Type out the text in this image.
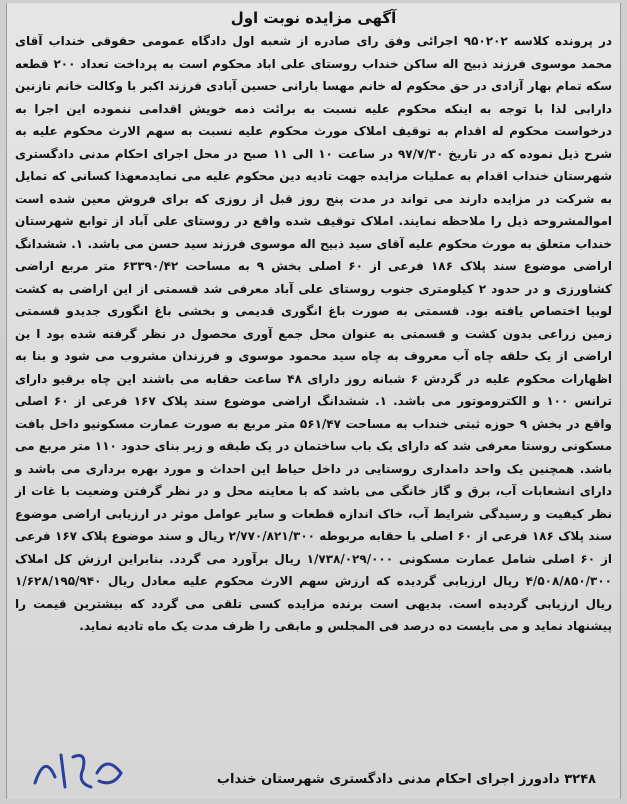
آگهی مزایده نوبت اول

در پرونده کلاسه ۹۵۰۲۰۲ اجرائی وفق رای صادره از شعبه اول دادگاه عمومی حقوقی خنداب آقای محمد موسوی فرزند ذبیح اله ساکن خنداب روستای علی اباد محکوم است به پرداخت تعداد ۲۰۰ قطعه سکه تمام بهار آزادی در حق محکوم له خانم مهسا بارانی حسین آبادی فرزند اکبر با وکالت خانم نازنین دارابی لذا با توجه به اینکه محکوم علیه نسبت به برائت ذمه خویش اقدامی ننموده این اجرا به درخواست محکوم له اقدام به توقیف املاک مورث محکوم علیه نسبت به سهم الارث محکوم علیه به شرح ذیل نموده که در تاریخ ۹۷/۷/۳۰ در ساعت ۱۰ الی ۱۱ صبح در محل اجرای احکام مدنی دادگستری شهرستان خنداب اقدام به عملیات مزایده جهت تادیه دین محکوم علیه می نمایدمعهذا کسانی که تمایل به شرکت در مزایده دارند می تواند در مدت پنج روز قبل از روزی که برای فروش معین شده است اموالمشروحه ذیل را ملاحظه نمایند. املاک توقیف شده واقع در روستای علی آباد از توابع شهرستان خنداب متعلق به مورث محکوم علیه آقای سید ذبیح اله موسوی فرزند سید حسن می باشد. ۱. ششدانگ اراضی موضوع سند پلاک ۱۸۶ فرعی از ۶۰ اصلی بخش ۹ به مساحت ۶۳۳۹۰/۴۲ متر مربع اراضی کشاورزی و در حدود ۲ کیلومتری جنوب روستای علی آباد معرفی شد قسمتی از این اراضی به کشت لوبیا اختصاص یافته بود. قسمتی به صورت باغ انگوری قدیمی و بخشی باغ انگوری جدیدو قسمتی زمین زراعی بدون کشت و قسمتی به عنوان محل جمع آوری محصول در نظر گرفته شده بود ا ین اراضی از یک حلقه چاه آب معروف به چاه سید محمود موسوی و فرزندان مشروب می شود و بنا به اظهارات محکوم علیه در گردش ۶ شبانه روز دارای ۴۸ ساعت حقابه می باشند این چاه برقیو دارای ترانس ۱۰۰ و الکتروموتور می باشد. ۱. ششدانگ اراضی موضوع سند پلاک ۱۶۷ فرعی از ۶۰ اصلی واقع در بخش ۹ حوزه ثبتی خنداب به مساحت ۵۶۱/۴۷ متر مربع به صورت عمارت مسکونیو داخل بافت مسکونی روستا معرفی شد که دارای یک باب ساختمان در یک طبقه و زیر بنای حدود ۱۱۰ متر مربع می باشد. همچنین یک واحد دامداری روستایی در داخل حیاط این احداث و مورد بهره برداری می باشد و دارای انشعابات آب، برق و گاز خانگی می باشد که با معاینه محل و در نظر گرفتن وضعیت با غات از نظر کیفیت و رسیدگی شرایط آب، خاک اندازه قطعات و سایر عوامل موثر در ارزیابی اراضی موضوع سند پلاک ۱۸۶ فرعی از ۶۰ اصلی با حقابه مربوطه ۲/۷۷۰/۸۲۱/۳۰۰ ریال و سند موضوع پلاک ۱۶۷ فرعی از ۶۰ اصلی شامل عمارت مسکونی ۱/۷۳۸/۰۲۹/۰۰۰ ریال برآورد می گردد. بنابراین ارزش کل املاک ۴/۵۰۸/۸۵۰/۳۰۰ ریال ارزیابی گردیده که ارزش سهم الارث محکوم علیه معادل ریال ۱/۶۲۸/۱۹۵/۹۴۰ ریال ارزیابی گردیده است. بدیهی است برنده مزایده کسی تلقی می گردد که بیشترین قیمت را پیشنهاد نماید و می بایست ده درصد فی المجلس و مابقی را ظرف مدت یک ماه تادیه نماید.

۳۲۴۸ دادورز اجرای احکام مدنی دادگستری شهرستان خنداب
